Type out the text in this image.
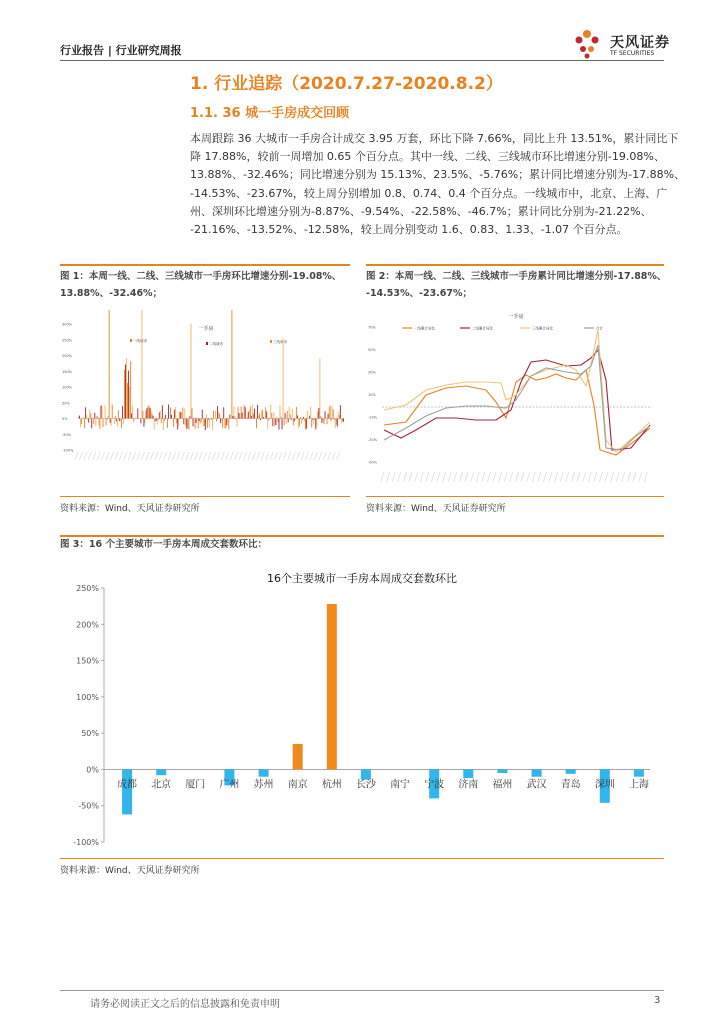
行业报告 | 行业研究周报	天风证券
TF SECURITIES
1. 行业追踪（2020.7.27-2020.8.2）
1.1. 36 城一手房成交回顾
本周跟踪 36 大城市一手房合计成交 3.95 万套，环比下降 7.66%，同比上升 13.51%，累计同比下
降 17.88%，较前一周增加 0.65 个百分点。其中一线、二线、三线城市环比增速分别-19.08%、
13.88%、-32.46%；同比增速分别为 15.13%、23.5%、-5.76%；累计同比增速分别为-17.88%、
-14.53%、-23.67%，较上周分别增加 0.8、0.74、0.4 个百分点。一线城市中，北京、上海、广
州、深圳环比增速分别为-8.87%、-9.54%、-22.58%、-46.7%；累计同比分别为-21.22%、
-21.16%、-13.52%、-12.58%，较上周分别变动 1.6、0.83、1.33、-1.07 个百分点。
图 1：本周一线、二线、三线城市一手房环比增速分别-19.08%、
13.88%、-32.46%；
图 2：本周一线、二线、三线城市一手房累计同比增速分别-17.88%、
-14.53%、-23.67%；
一手房
一线城市
二线城市	三线城市
300%
250%
200%
150%
100%
50%
0%
-50%
-100%
一手房
一线累计同比	二线累计同比	三线累计同比	合计
70%
50%
30%
10%
-10%
-30%
-50%
资料来源：Wind、天风证券研究所	资料来源：Wind、天风证券研究所
图 3：16 个主要城市一手房本周成交套数环比：
16个主要城市一手房本周成交套数环比
-100%
-50%
0%
50%
100%
150%
200%
250%
成都 北京 厦门 广州 苏州 南京 杭州 长沙 南宁 宁波 济南 福州 武汉 青岛 深圳 上海
资料来源：Wind、天风证券研究所
请务必阅读正文之后的信息披露和免责申明	3
